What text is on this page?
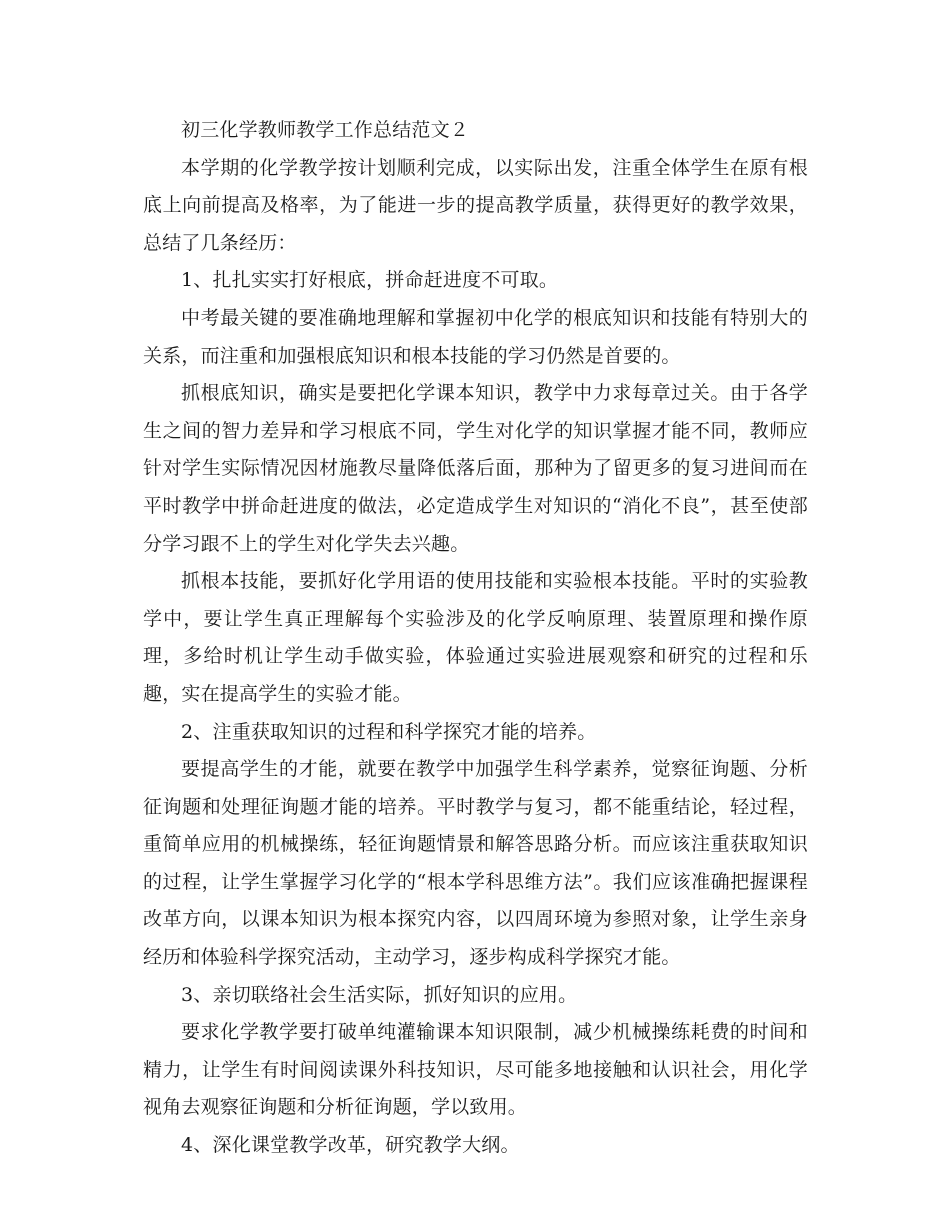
初三化学教师教学工作总结范文２

本学期的化学教学按计划顺利完成，以实际出发，注重全体学生在原有根底上向前提高及格率，为了能进一步的提高教学质量，获得更好的教学效果，总结了几条经历：

1、扎扎实实打好根底，拼命赶进度不可取。

中考最关键的要准确地理解和掌握初中化学的根底知识和技能有特别大的关系，而注重和加强根底知识和根本技能的学习仍然是首要的。

抓根底知识，确实是要把化学课本知识，教学中力求每章过关。由于各学生之间的智力差异和学习根底不同，学生对化学的知识掌握才能不同，教师应针对学生实际情况因材施教尽量降低落后面，那种为了留更多的复习进间而在平时教学中拼命赶进度的做法，必定造成学生对知识的“消化不良”，甚至使部分学习跟不上的学生对化学失去兴趣。

抓根本技能，要抓好化学用语的使用技能和实验根本技能。平时的实验教学中，要让学生真正理解每个实验涉及的化学反响原理、装置原理和操作原理，多给时机让学生动手做实验，体验通过实验进展观察和研究的过程和乐趣，实在提高学生的实验才能。

2、注重获取知识的过程和科学探究才能的培养。

要提高学生的才能，就要在教学中加强学生科学素养，觉察征询题、分析征询题和处理征询题才能的培养。平时教学与复习，都不能重结论，轻过程，重简单应用的机械操练，轻征询题情景和解答思路分析。而应该注重获取知识的过程，让学生掌握学习化学的“根本学科思维方法”。我们应该准确把握课程改革方向，以课本知识为根本探究内容，以四周环境为参照对象，让学生亲身经历和体验科学探究活动，主动学习，逐步构成科学探究才能。

3、亲切联络社会生活实际，抓好知识的应用。

要求化学教学要打破单纯灌输课本知识限制，减少机械操练耗费的时间和精力，让学生有时间阅读课外科技知识，尽可能多地接触和认识社会，用化学视角去观察征询题和分析征询题，学以致用。

4、深化课堂教学改革，研究教学大纲。
